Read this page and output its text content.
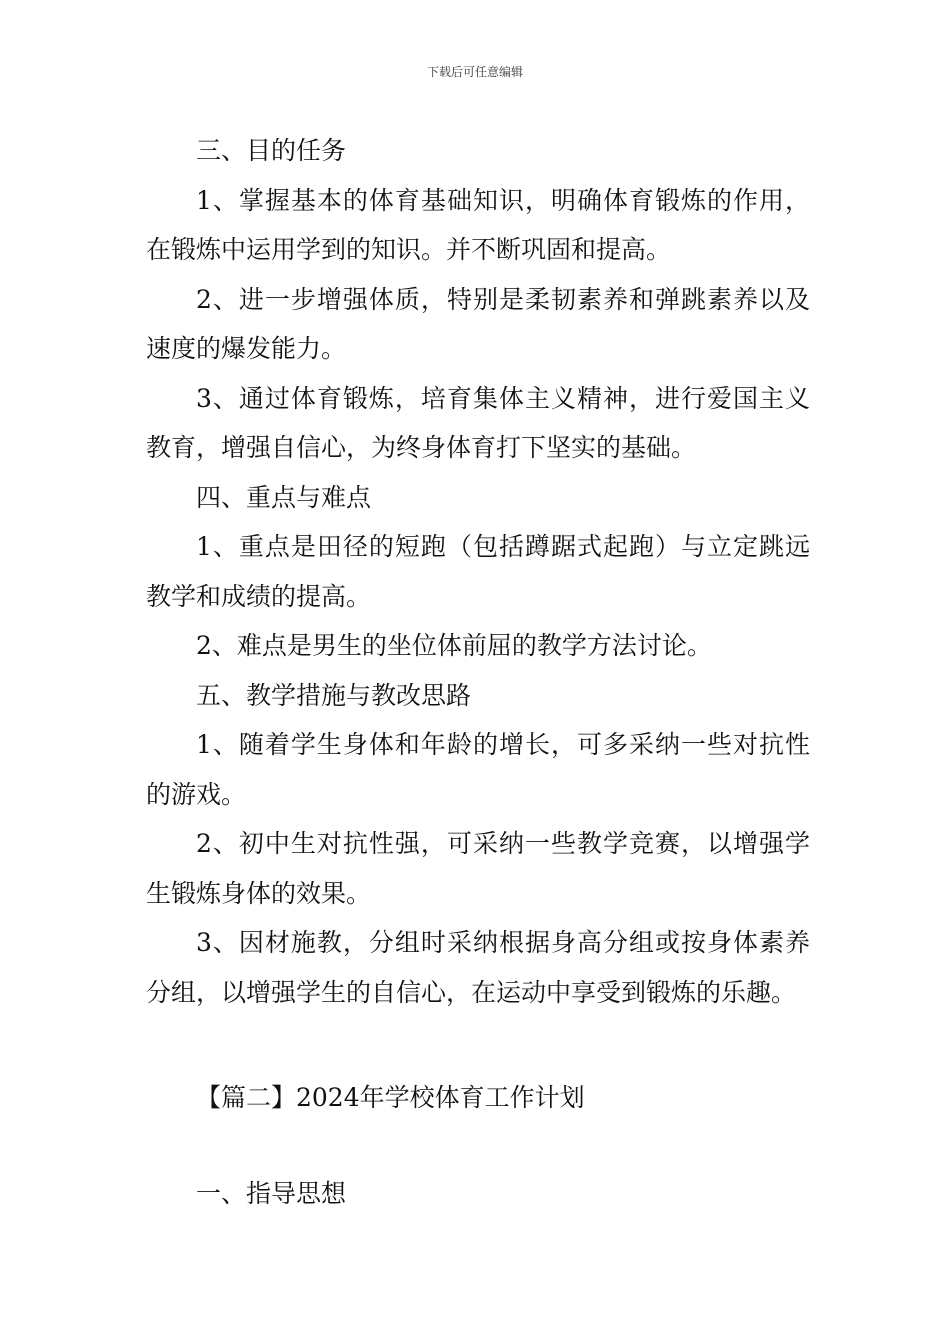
下载后可任意编辑

三、目的任务

1、掌握基本的体育基础知识，明确体育锻炼的作用，在锻炼中运用学到的知识。并不断巩固和提高。

2、进一步增强体质，特别是柔韧素养和弹跳素养以及速度的爆发能力。

3、通过体育锻炼，培育集体主义精神，进行爱国主义教育，增强自信心，为终身体育打下坚实的基础。

四、重点与难点

1、重点是田径的短跑（包括蹲踞式起跑）与立定跳远教学和成绩的提高。

2、难点是男生的坐位体前屈的教学方法讨论。

五、教学措施与教改思路

1、随着学生身体和年龄的增长，可多采纳一些对抗性的游戏。

2、初中生对抗性强，可采纳一些教学竞赛，以增强学生锻炼身体的效果。

3、因材施教，分组时采纳根据身高分组或按身体素养分组，以增强学生的自信心，在运动中享受到锻炼的乐趣。

【篇二】2024年学校体育工作计划

一、指导思想
